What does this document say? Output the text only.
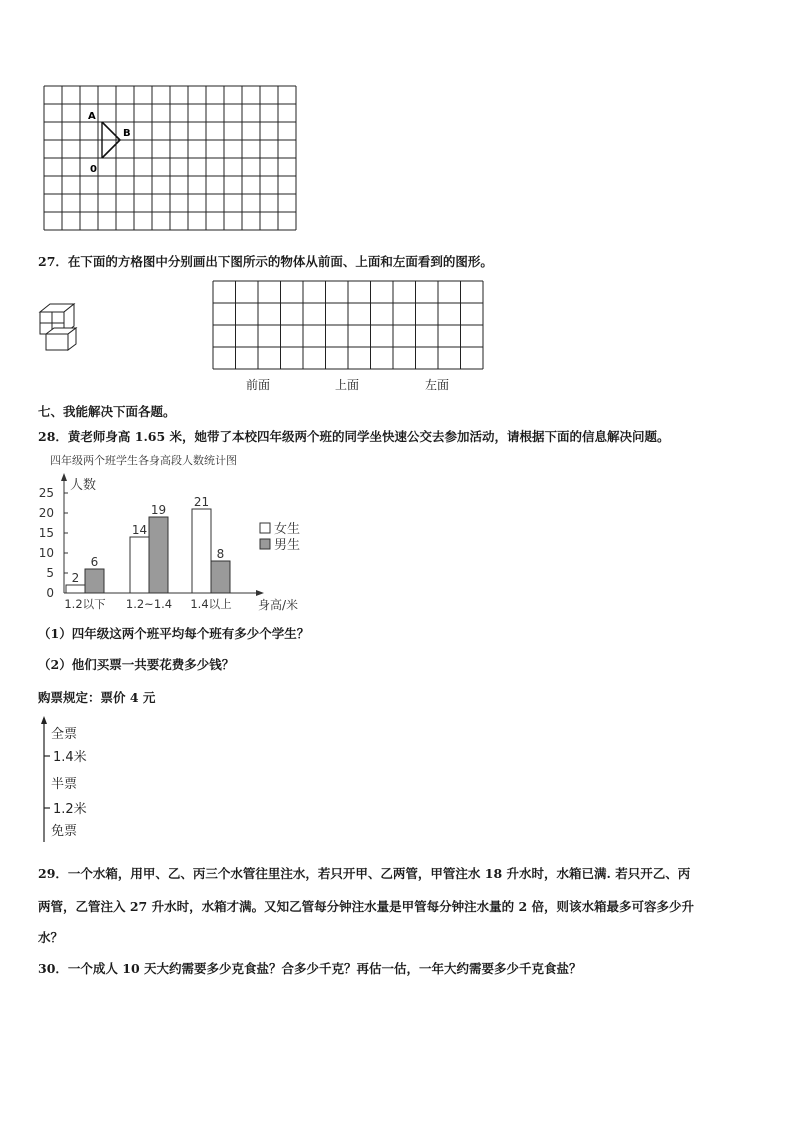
A
B
0
27．在下面的方格图中分别画出下图所示的物体从前面、上面和左面看到的图形。
前面	上面	左面
七、我能解决下面各题。
28．黄老师身高 1.65 米，她带了本校四年级两个班的同学坐快速公交去参加活动，请根据下面的信息解决问题。
四年级两个班学生各身高段人数统计图
0
5
10
15
20
25 人数
身高/米
2
6
1.2以下
14
19
1.2~1.4
21
8
1.4以上
女生
男生
（1）四年级这两个班平均每个班有多少个学生？
（2）他们买票一共要花费多少钱？
购票规定：票价 4 元
全票
1.4米
半票
1.2米
免票
29．一个水箱，用甲、乙、丙三个水管往里注水，若只开甲、乙两管，甲管注水 18 升水时，水箱已满. 若只开乙、丙
两管，乙管注入 27 升水时，水箱才满。又知乙管每分钟注水量是甲管每分钟注水量的 2 倍，则该水箱最多可容多少升
水？
30．一个成人 10 天大约需要多少克食盐？合多少千克？再估一估，一年大约需要多少千克食盐？
